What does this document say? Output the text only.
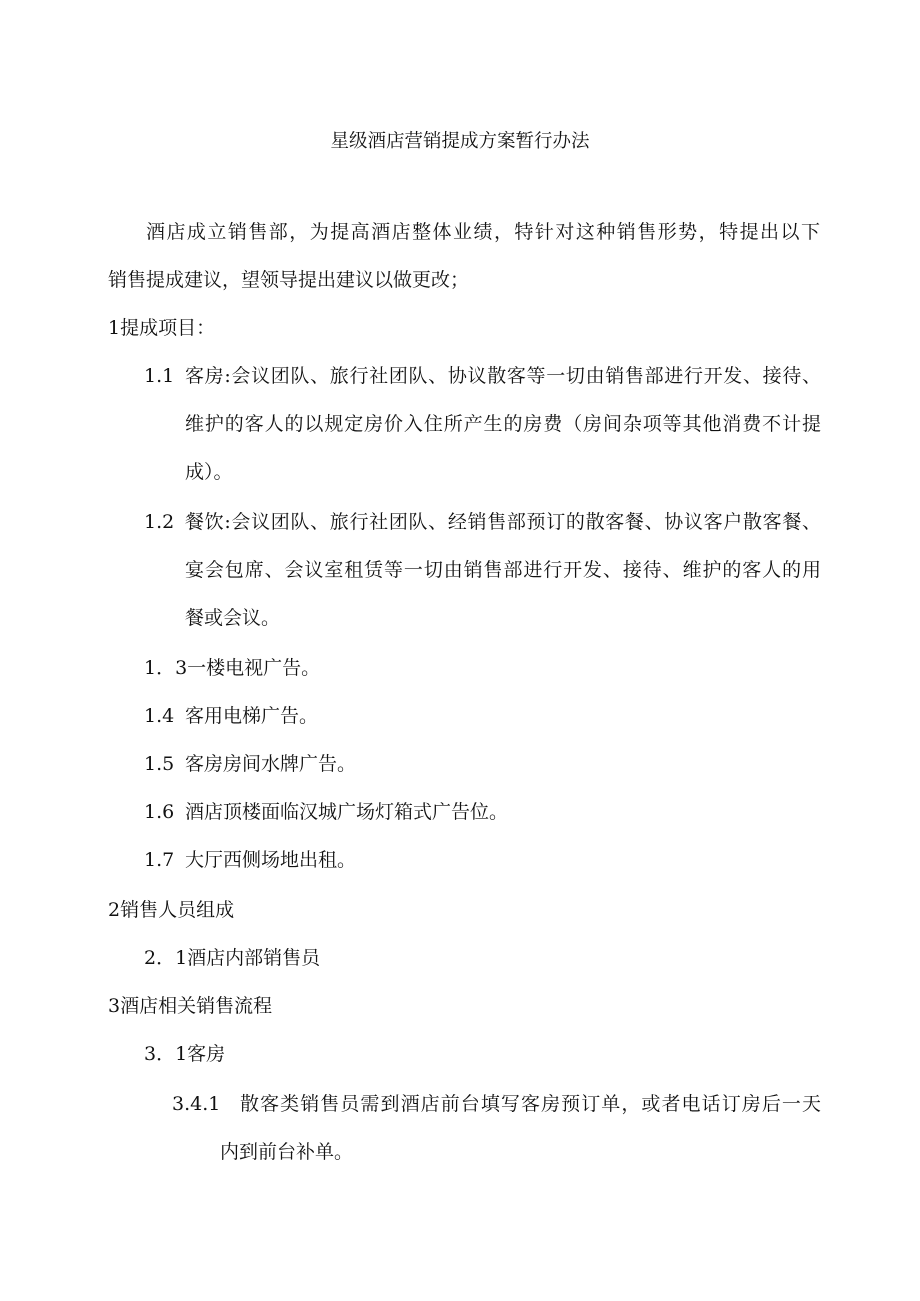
星级酒店营销提成方案暂行办法
酒店成立销售部，为提高酒店整体业绩，特针对这种销售形势，特提出以下
销售提成建议，望领导提出建议以做更改；
1提成项目：
1.1 客房:会议团队、旅行社团队、协议散客等一切由销售部进行开发、接待、
维护的客人的以规定房价入住所产生的房费（房间杂项等其他消费不计提
成）。
1.2 餐饮:会议团队、旅行社团队、经销售部预订的散客餐、协议客户散客餐、
宴会包席、会议室租赁等一切由销售部进行开发、接待、维护的客人的用
餐或会议。
1．3一楼电视广告。
1.4 客用电梯广告。
1.5 客房房间水牌广告。
1.6 酒店顶楼面临汉城广场灯箱式广告位。
1.7 大厅西侧场地出租。
2销售人员组成
2．1酒店内部销售员
3酒店相关销售流程
3．1客房
3.4.1 散客类销售员需到酒店前台填写客房预订单，或者电话订房后一天
内到前台补单。
